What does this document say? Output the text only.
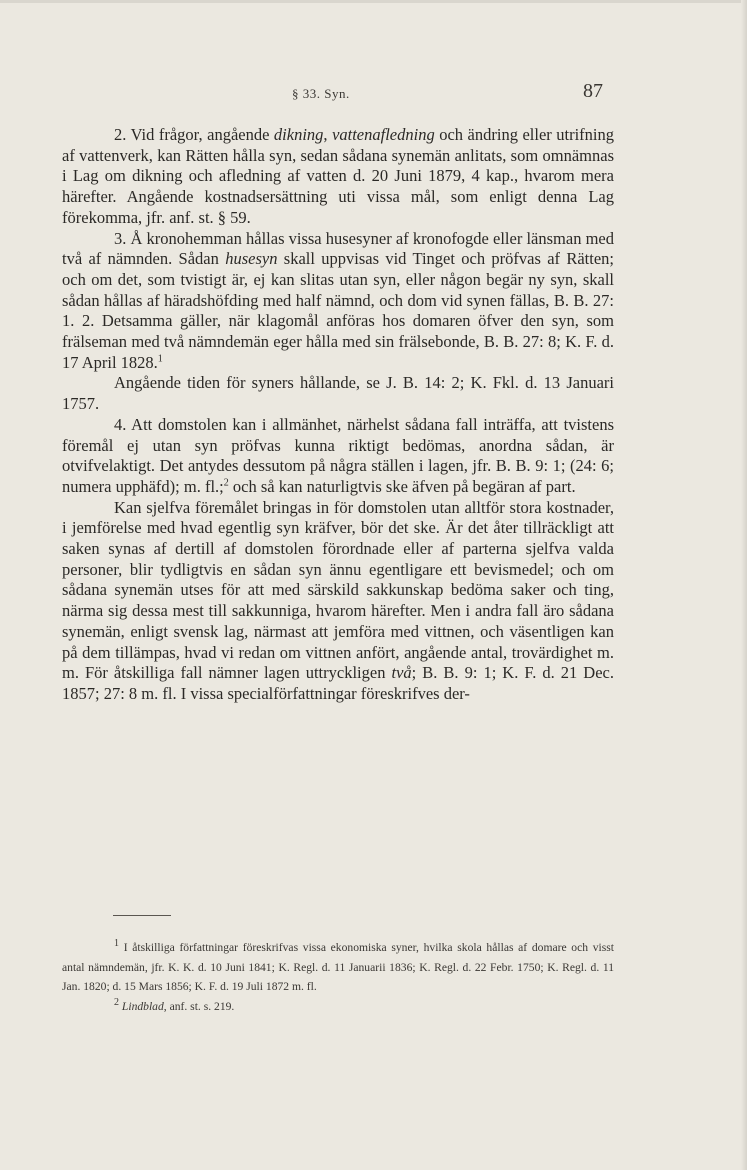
§ 33. Syn.	87

2. Vid frågor, angående dikning, vattenafledning och ändring eller utrifning af vattenverk, kan Rätten hålla syn, sedan sådana synemän anlitats, som omnämnas i Lag om dikning och afledning af vatten d. 20 Juni 1879, 4 kap., hvarom mera härefter. Angående kostnadsersättning uti vissa mål, som enligt denna Lag förekomma, jfr. anf. st. § 59.

3. Å kronohemman hållas vissa husesyner af kronofogde eller länsman med två af nämnden. Sådan husesyn skall uppvisas vid Tinget och pröfvas af Rätten; och om det, som tvistigt är, ej kan slitas utan syn, eller någon begär ny syn, skall sådan hållas af häradshöfding med half nämnd, och dom vid synen fällas, B. B. 27: 1. 2. Detsamma gäller, när klagomål anföras hos domaren öfver den syn, som frälseman med två nämndemän eger hålla med sin frälsebonde, B. B. 27: 8; K. F. d. 17 April 1828.$^1$

Angående tiden för syners hållande, se J. B. 14: 2; K. Fkl. d. 13 Januari 1757.

4. Att domstolen kan i allmänhet, närhelst sådana fall inträffa, att tvistens föremål ej utan syn pröfvas kunna riktigt bedömas, anordna sådan, är otvifvelaktigt. Det antydes dessutom på några ställen i lagen, jfr. B. B. 9: 1; (24: 6; numera upphäfd); m. fl.;$^2$ och så kan naturligtvis ske äfven på begäran af part.

Kan sjelfva föremålet bringas in för domstolen utan alltför stora kostnader, i jemförelse med hvad egentlig syn kräfver, bör det ske. Är det åter tillräckligt att saken synas af dertill af domstolen förordnade eller af parterna sjelfva valda personer, blir tydligtvis en sådan syn ännu egentligare ett bevismedel; och om sådana synemän utses för att med särskild sakkunskap bedöma saker och ting, närma sig dessa mest till sakkunniga, hvarom härefter. Men i andra fall äro sådana synemän, enligt svensk lag, närmast att jemföra med vittnen, och väsentligen kan på dem tillämpas, hvad vi redan om vittnen anfört, angående antal, trovärdighet m. m. För åtskilliga fall nämner lagen uttryckligen två; B. B. 9: 1; K. F. d. 21 Dec. 1857; 27: 8 m. fl. I vissa specialförfattningar föreskrifves der-

$^1$ I åtskilliga författningar föreskrifvas vissa ekonomiska syner, hvilka skola hållas af domare och visst antal nämndemän, jfr. K. K. d. 10 Juni 1841; K. Regl. d. 11 Januarii 1836; K. Regl. d. 22 Febr. 1750; K. Regl. d. 11 Jan. 1820; d. 15 Mars 1856; K. F. d. 19 Juli 1872 m. fl.

$^2$ Lindblad, anf. st. s. 219.
